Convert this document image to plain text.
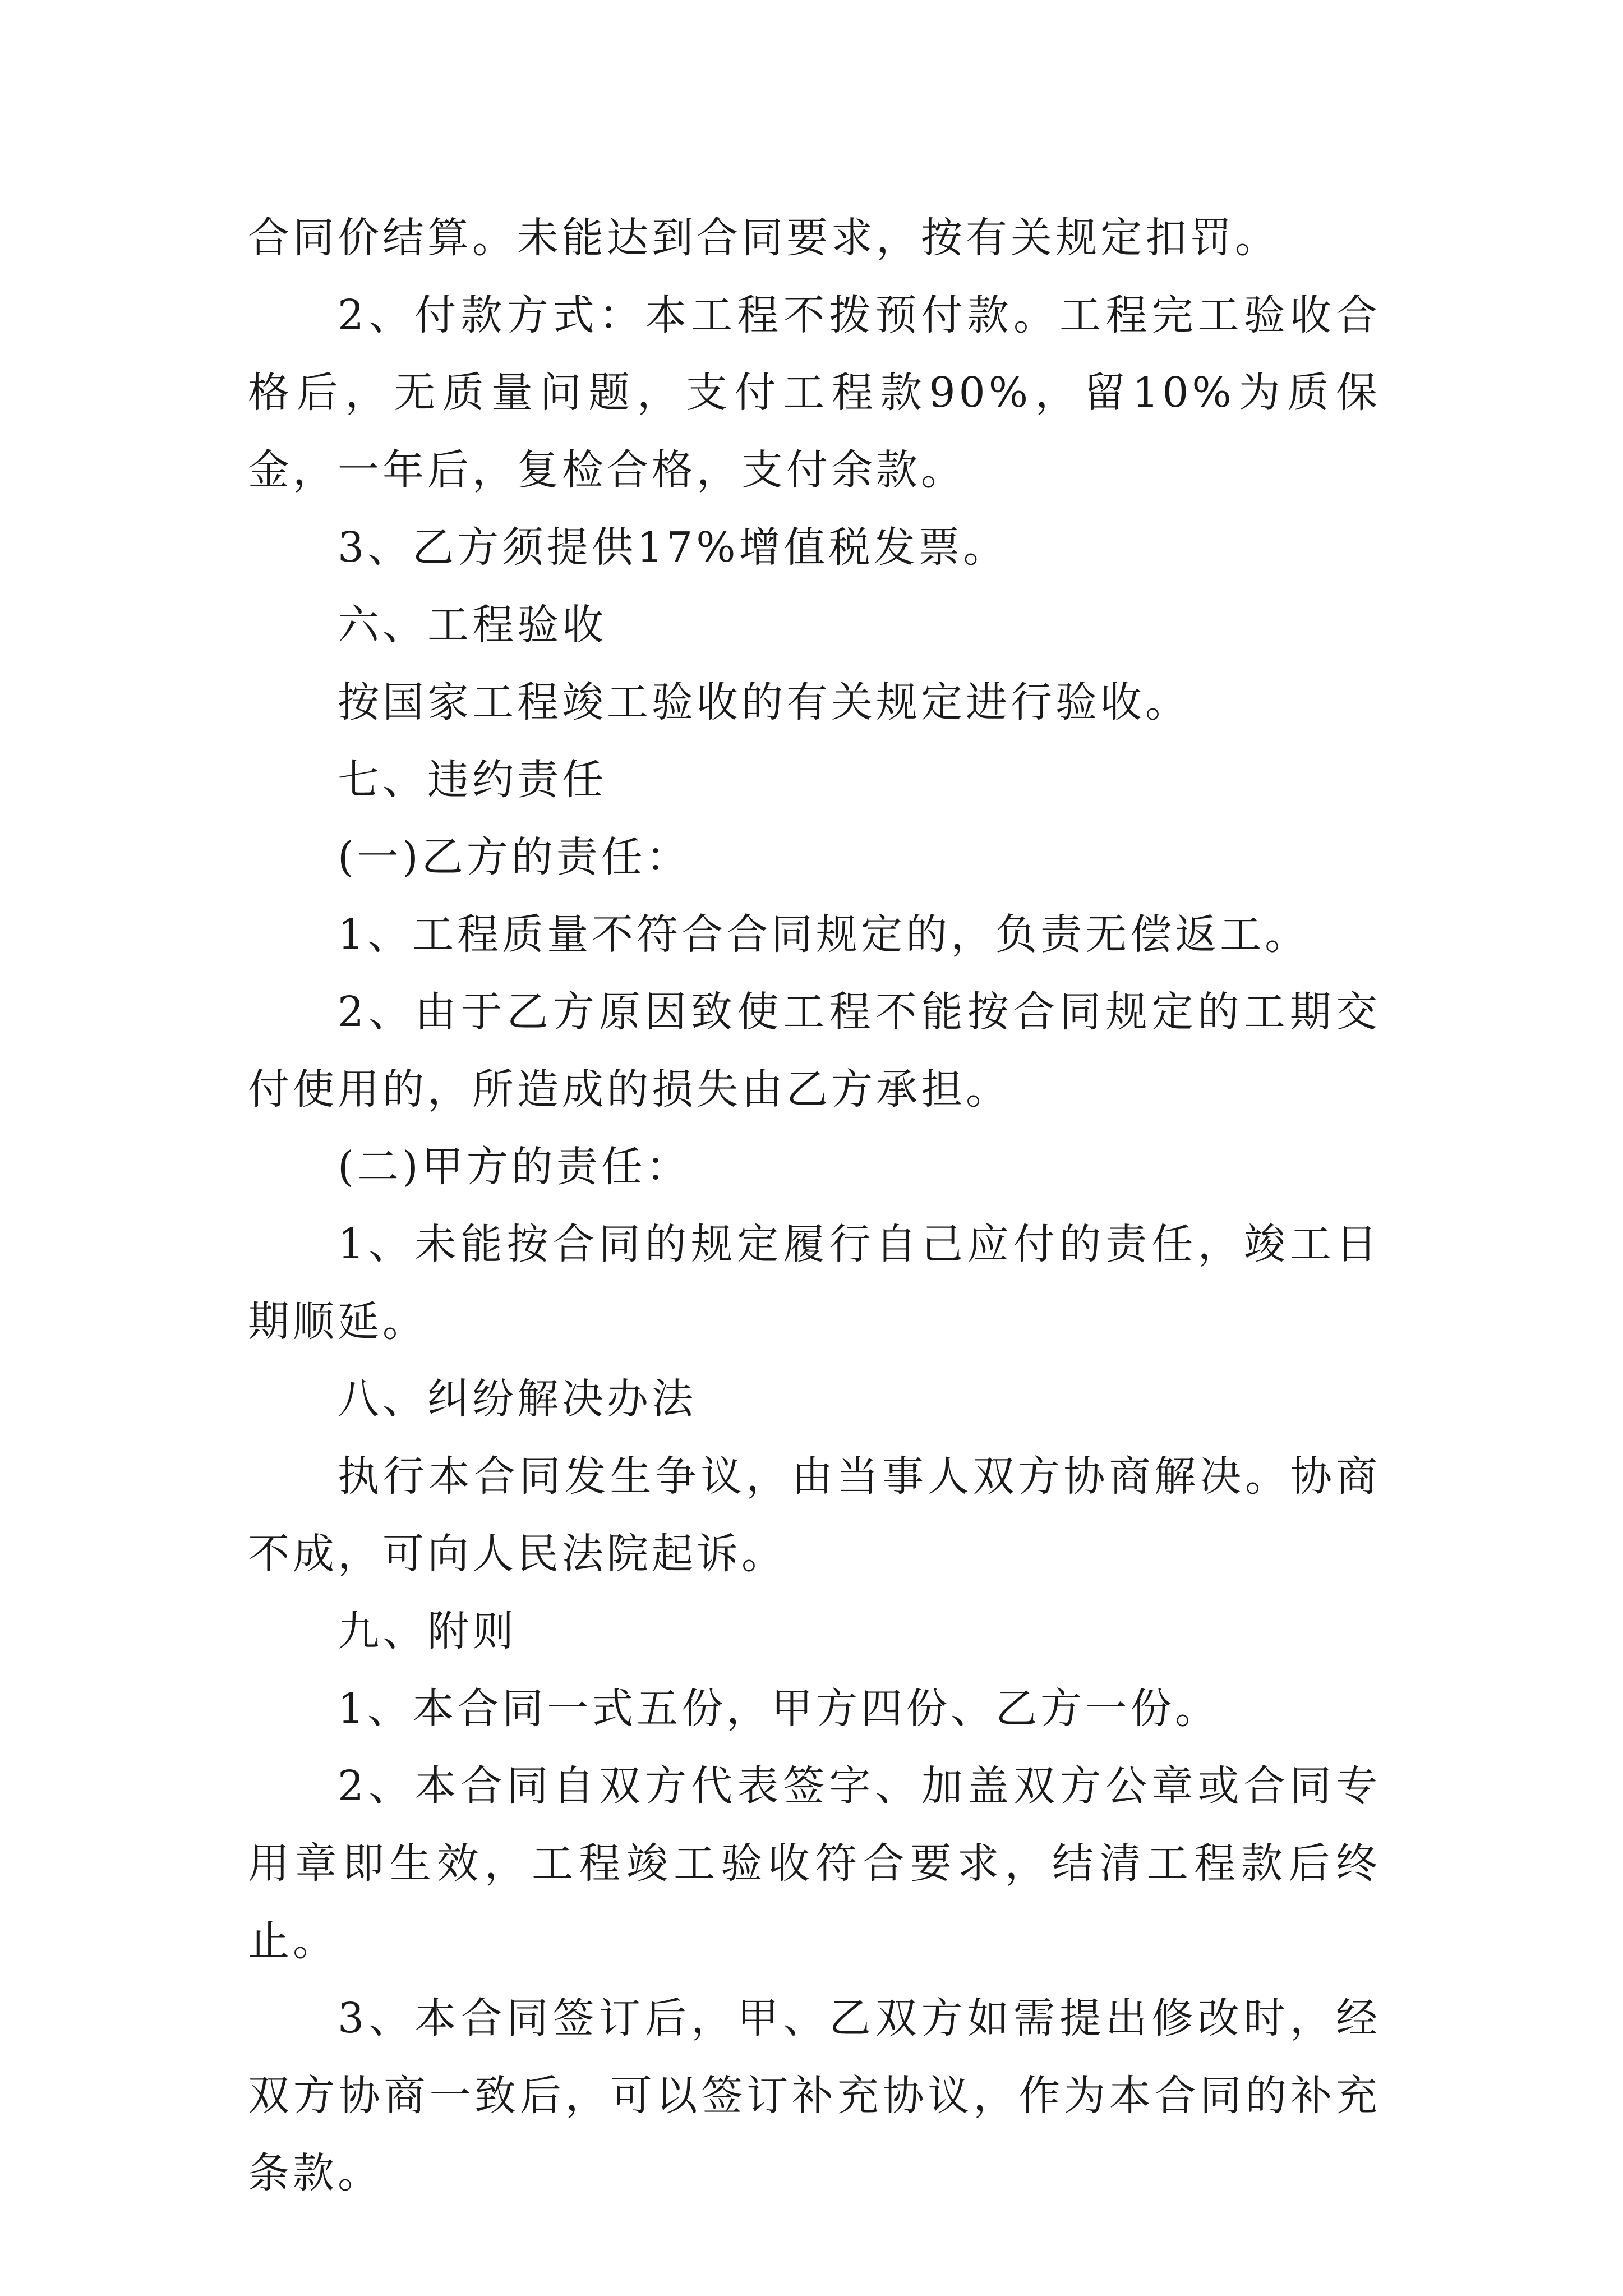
合同价结算。未能达到合同要求，按有关规定扣罚。

2、付款方式：本工程不拨预付款。工程完工验收合格后，无质量问题，支付工程款90%，留10%为质保金，一年后，复检合格，支付余款。

3、乙方须提供17%增值税发票。

六、工程验收

按国家工程竣工验收的有关规定进行验收。

七、违约责任

(一)乙方的责任：

1、工程质量不符合合同规定的，负责无偿返工。

2、由于乙方原因致使工程不能按合同规定的工期交付使用的，所造成的损失由乙方承担。

(二)甲方的责任：

1、未能按合同的规定履行自己应付的责任，竣工日期顺延。

八、纠纷解决办法

执行本合同发生争议，由当事人双方协商解决。协商不成，可向人民法院起诉。

九、附则

1、本合同一式五份，甲方四份、乙方一份。

2、本合同自双方代表签字、加盖双方公章或合同专用章即生效，工程竣工验收符合要求，结清工程款后终止。

3、本合同签订后，甲、乙双方如需提出修改时，经双方协商一致后，可以签订补充协议，作为本合同的补充条款。
